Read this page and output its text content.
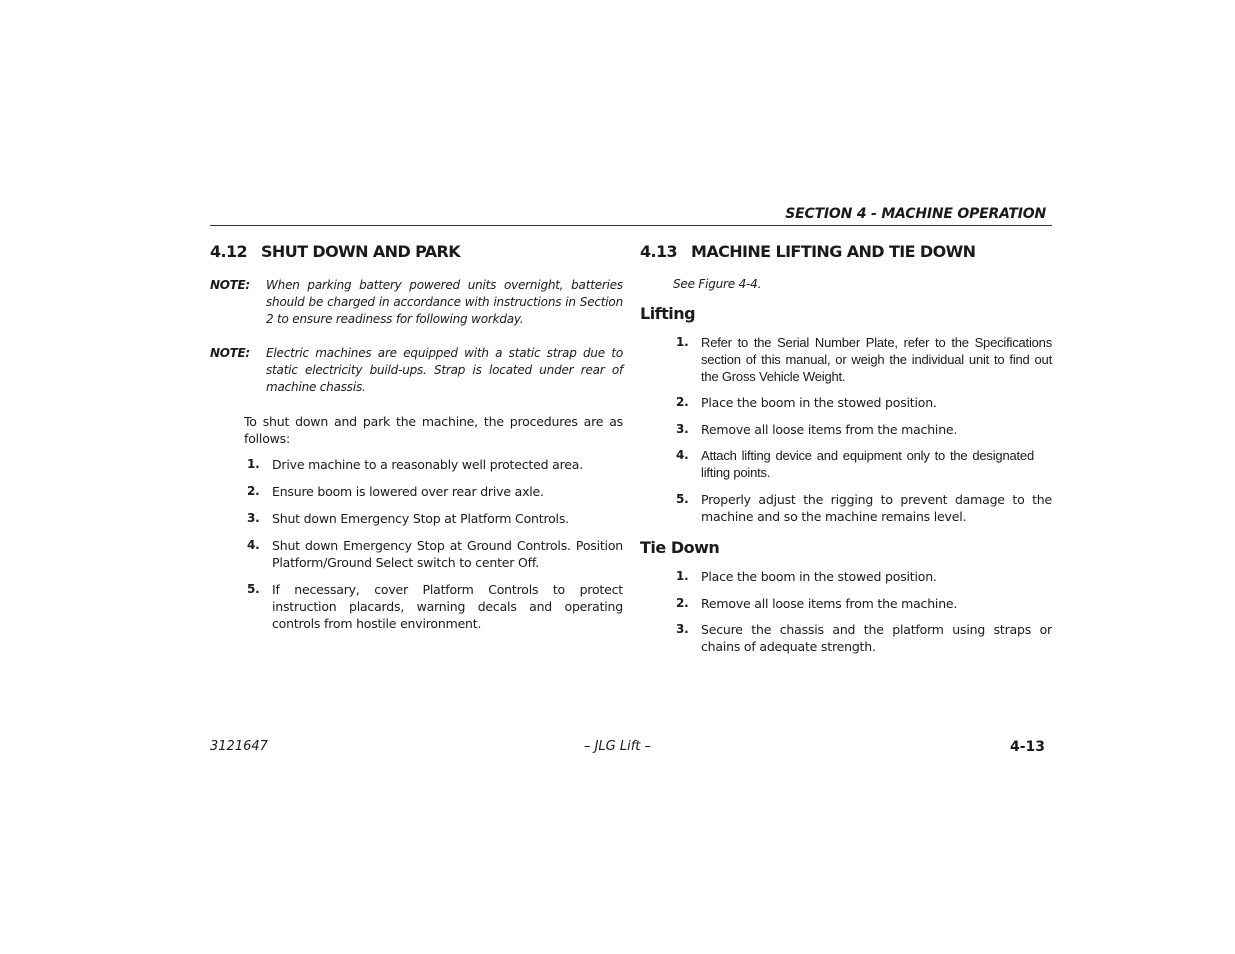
SECTION 4 - MACHINE OPERATION
4.12 SHUT DOWN AND PARK
NOTE:	When parking battery powered units overnight, batteries should be charged in accordance with instructions in Section 2 to ensure readiness for following workday.
NOTE:	Electric machines are equipped with a static strap due to static electricity build-ups. Strap is located under rear of machine chassis.
To shut down and park the machine, the procedures are as follows:
1. Drive machine to a reasonably well protected area.
2. Ensure boom is lowered over rear drive axle.
3. Shut down Emergency Stop at Platform Controls.
4. Shut down Emergency Stop at Ground Controls. Position Platform/Ground Select switch to center Off.
5. If necessary, cover Platform Controls to protect instruction placards, warning decals and operating controls from hostile environment.
4.13 MACHINE LIFTING AND TIE DOWN
See Figure 4-4.
Lifting
1. Refer to the Serial Number Plate, refer to the Specifications section of this manual, or weigh the individual unit to find out the Gross Vehicle Weight.
2. Place the boom in the stowed position.
3. Remove all loose items from the machine.
4. Attach lifting device and equipment only to the designated lifting points.
5. Properly adjust the rigging to prevent damage to the machine and so the machine remains level.
Tie Down
1. Place the boom in the stowed position.
2. Remove all loose items from the machine.
3. Secure the chassis and the platform using straps or chains of adequate strength.
– JLG Lift –
3121647	4-13
